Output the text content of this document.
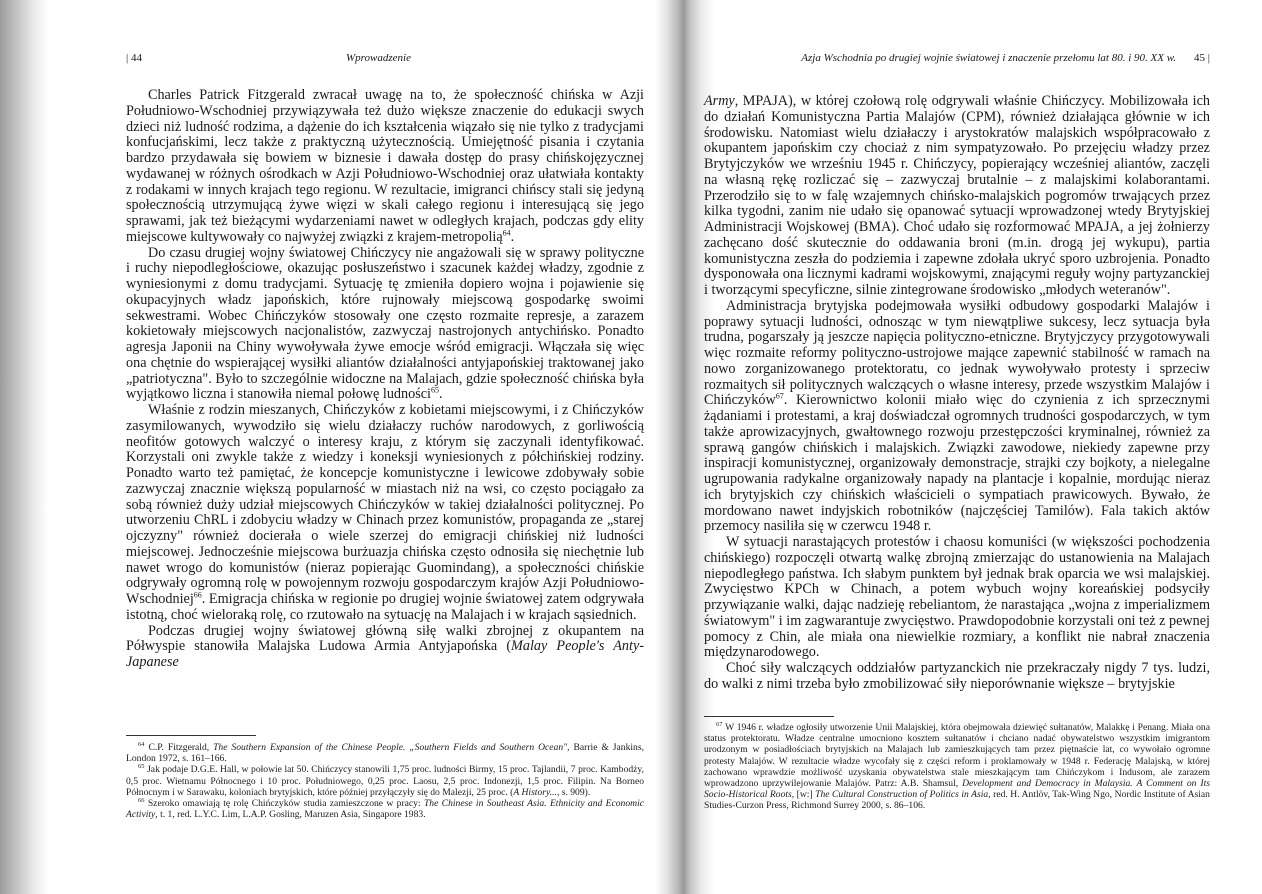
| 44	Wprowadzenie

Charles Patrick Fitzgerald zwracał uwagę na to, że społeczność chińska w Azji Południowo-Wschodniej przywiązywała też dużo większe znaczenie do edukacji swych dzieci niż ludność rodzima, a dążenie do ich kształcenia wiązało się nie tylko z tradycjami konfucjańskimi, lecz także z praktyczną użytecznością. Umiejętność pisania i czytania bardzo przydawała się bowiem w biznesie i dawała dostęp do prasy chińskojęzycznej wydawanej w różnych ośrodkach w Azji Południowo-Wschodniej oraz ułatwiała kontakty z rodakami w innych krajach tego regionu. W rezultacie, imigranci chińscy stali się jedyną społecznością utrzymującą żywe więzi w skali całego regionu i interesującą się jego sprawami, jak też bieżącymi wydarzeniami nawet w odległych krajach, podczas gdy elity miejscowe kultywowały co najwyżej związki z krajem-metropolią$^{64}$.

Do czasu drugiej wojny światowej Chińczycy nie angażowali się w sprawy polityczne i ruchy niepodległościowe, okazując posłuszeństwo i szacunek każdej władzy, zgodnie z wyniesionymi z domu tradycjami. Sytuację tę zmieniła dopiero wojna i pojawienie się okupacyjnych władz japońskich, które rujnowały miejscową gospodarkę swoimi sekwestrami. Wobec Chińczyków stosowały one często rozmaite represje, a zarazem kokietowały miejscowych nacjonalistów, zazwyczaj nastrojonych antychińsko. Ponadto agresja Japonii na Chiny wywoływała żywe emocje wśród emigracji. Włączała się więc ona chętnie do wspierającej wysiłki aliantów działalności antyjapońskiej traktowanej jako „patriotyczna". Było to szczególnie widoczne na Malajach, gdzie społeczność chińska była wyjątkowo liczna i stanowiła niemal połowę ludności$^{65}$.

Właśnie z rodzin mieszanych, Chińczyków z kobietami miejscowymi, i z Chińczyków zasymilowanych, wywodziło się wielu działaczy ruchów narodowych, z gorliwością neofitów gotowych walczyć o interesy kraju, z którym się zaczynali identyfikować. Korzystali oni zwykle także z wiedzy i koneksji wyniesionych z półchińskiej rodziny. Ponadto warto też pamiętać, że koncepcje komunistyczne i lewicowe zdobywały sobie zazwyczaj znacznie większą popularność w miastach niż na wsi, co często pociągało za sobą również duży udział miejscowych Chińczyków w takiej działalności politycznej. Po utworzeniu ChRL i zdobyciu władzy w Chinach przez komunistów, propaganda ze „starej ojczyzny" również docierała o wiele szerzej do emigracji chińskiej niż ludności miejscowej. Jednocześnie miejscowa burżuazja chińska często odnosiła się niechętnie lub nawet wrogo do komunistów (nieraz popierając Guomindang), a społeczności chińskie odgrywały ogromną rolę w powojennym rozwoju gospodarczym krajów Azji Południowo-Wschodniej$^{66}$. Emigracja chińska w regionie po drugiej wojnie światowej zatem odgrywała istotną, choć wieloraką rolę, co rzutowało na sytuację na Malajach i w krajach sąsiednich.

Podczas drugiej wojny światowej główną siłę walki zbrojnej z okupantem na Półwyspie stanowiła Malajska Ludowa Armia Antyjapońska (Malay People's Anty-Japanese

$^{64}$ C.P. Fitzgerald, The Southern Expansion of the Chinese People. „Southern Fields and Southern Ocean", Barrie & Jankins, London 1972, s. 161–166.

$^{65}$ Jak podaje D.G.E. Hall, w połowie lat 50. Chińczycy stanowili 1,75 proc. ludności Birmy, 15 proc. Tajlandii, 7 proc. Kambodży, 0,5 proc. Wietnamu Północnego i 10 proc. Południowego, 0,25 proc. Laosu, 2,5 proc. Indonezji, 1,5 proc. Filipin. Na Borneo Północnym i w Sarawaku, koloniach brytyjskich, które później przyłączyły się do Malezji, 25 proc. (A History..., s. 909).

$^{66}$ Szeroko omawiają tę rolę Chińczyków studia zamieszczone w pracy: The Chinese in Southeast Asia. Ethnicity and Economic Activity, t. 1, red. L.Y.C. Lim, L.A.P. Gosling, Maruzen Asia, Singapore 1983.

Azja Wschodnia po drugiej wojnie światowej i znaczenie przełomu lat 80. i 90. XX w. 45 |

Army, MPAJA), w której czołową rolę odgrywali właśnie Chińczycy. Mobilizowała ich do działań Komunistyczna Partia Malajów (CPM), również działająca głównie w ich środowisku. Natomiast wielu działaczy i arystokratów malajskich współpracowało z okupantem japońskim czy chociaż z nim sympatyzowało. Po przejęciu władzy przez Brytyjczyków we wrześniu 1945 r. Chińczycy, popierający wcześniej aliantów, zaczęli na własną rękę rozliczać się – zazwyczaj brutalnie – z malajskimi kolaborantami. Przerodziło się to w falę wzajemnych chińsko-malajskich pogromów trwających przez kilka tygodni, zanim nie udało się opanować sytuacji wprowadzonej wtedy Brytyjskiej Administracji Wojskowej (BMA). Choć udało się rozformować MPAJA, a jej żołnierzy zachęcano dość skutecznie do oddawania broni (m.in. drogą jej wykupu), partia komunistyczna zeszła do podziemia i zapewne zdołała ukryć sporo uzbrojenia. Ponadto dysponowała ona licznymi kadrami wojskowymi, znającymi reguły wojny partyzanckiej i tworzącymi specyficzne, silnie zintegrowane środowisko „młodych weteranów".

Administracja brytyjska podejmowała wysiłki odbudowy gospodarki Malajów i poprawy sytuacji ludności, odnosząc w tym niewątpliwe sukcesy, lecz sytuacja była trudna, pogarszały ją jeszcze napięcia polityczno-etniczne. Brytyjczycy przygotowywali więc rozmaite reformy polityczno-ustrojowe mające zapewnić stabilność w ramach na nowo zorganizowanego protektoratu, co jednak wywoływało protesty i sprzeciw rozmaitych sił politycznych walczących o własne interesy, przede wszystkim Malajów i Chińczyków$^{67}$. Kierownictwo kolonii miało więc do czynienia z ich sprzecznymi żądaniami i protestami, a kraj doświadczał ogromnych trudności gospodarczych, w tym także aprowizacyjnych, gwałtownego rozwoju przestępczości kryminalnej, również za sprawą gangów chińskich i malajskich. Związki zawodowe, niekiedy zapewne przy inspiracji komunistycznej, organizowały demonstracje, strajki czy bojkoty, a nielegalne ugrupowania radykalne organizowały napady na plantacje i kopalnie, mordując nieraz ich brytyjskich czy chińskich właścicieli o sympatiach prawicowych. Bywało, że mordowano nawet indyjskich robotników (najczęściej Tamilów). Fala takich aktów przemocy nasiliła się w czerwcu 1948 r.

W sytuacji narastających protestów i chaosu komuniści (w większości pochodzenia chińskiego) rozpoczęli otwartą walkę zbrojną zmierzając do ustanowienia na Malajach niepodległego państwa. Ich słabym punktem był jednak brak oparcia we wsi malajskiej. Zwycięstwo KPCh w Chinach, a potem wybuch wojny koreańskiej podsyciły przywiązanie walki, dając nadzieję rebeliantom, że narastająca „wojna z imperializmem światowym" i im zagwarantuje zwycięstwo. Prawdopodobnie korzystali oni też z pewnej pomocy z Chin, ale miała ona niewielkie rozmiary, a konflikt nie nabrał znaczenia międzynarodowego.

Choć siły walczących oddziałów partyzanckich nie przekraczały nigdy 7 tys. ludzi, do walki z nimi trzeba było zmobilizować siły nieporównanie większe – brytyjskie

$^{67}$ W 1946 r. władze ogłosiły utworzenie Unii Malajskiej, która obejmowała dziewięć sułtanatów, Malakkę i Penang. Miała ona status protektoratu. Władze centralne umocniono kosztem sułtanatów i chciano nadać obywatelstwo wszystkim imigrantom urodzonym w posiadłościach brytyjskich na Malajach lub zamieszkujących tam przez piętnaście lat, co wywołało ogromne protesty Malajów. W rezultacie władze wycofały się z części reform i proklamowały w 1948 r. Federację Malajską, w której zachowano wprawdzie możliwość uzyskania obywatelstwa stale mieszkającym tam Chińczykom i Indusom, ale zarazem wprowadzono uprzywilejowanie Malajów. Patrz: A.B. Shamsul, Development and Democracy in Malaysia. A Comment on Its Socio-Historical Roots, [w:] The Cultural Construction of Politics in Asia, red. H. Antlöv, Tak-Wing Ngo, Nordic Institute of Asian Studies-Curzon Press, Richmond Surrey 2000, s. 86–106.
